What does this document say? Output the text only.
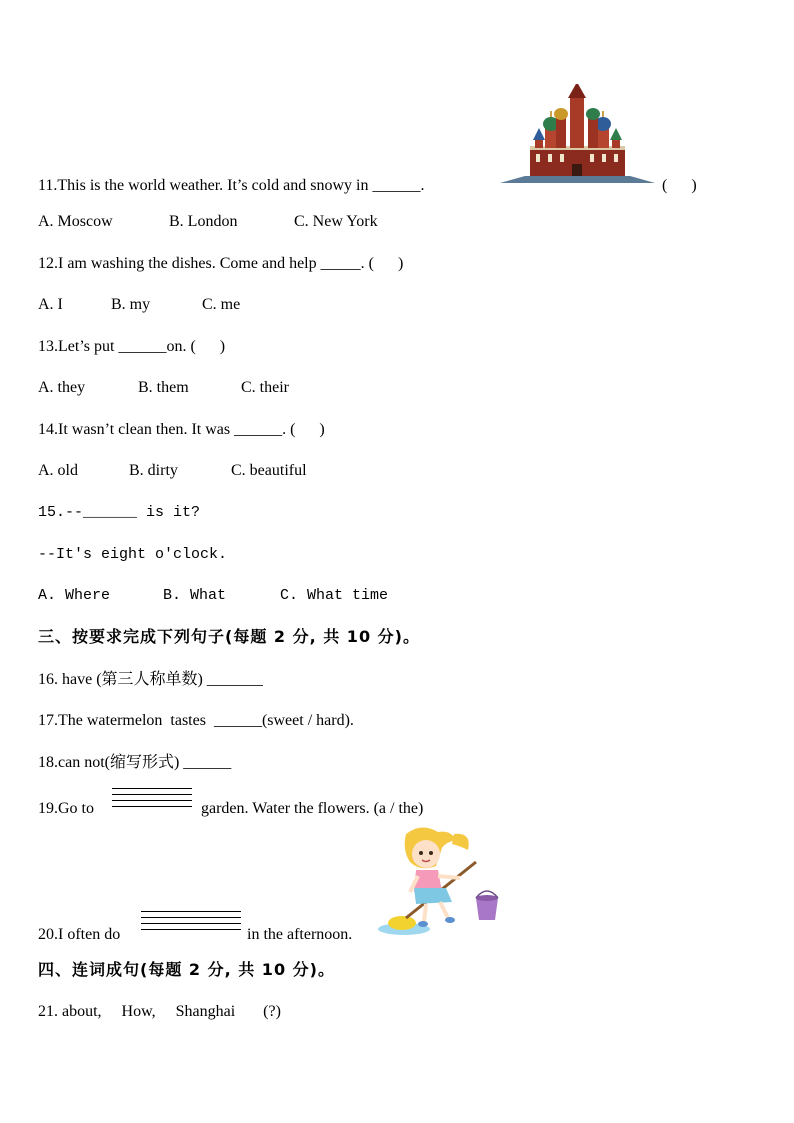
11.This is the world weather. It’s cold and snowy in ______.	(      )
A. Moscow	B. London	C. New York
12.I am washing the dishes. Come and help _____. (      )
A. I	B. my	C. me
13.Let’s put ______on. (      )
A. they	B. them	C. their
14.It wasn’t clean then. It was ______. (      )
A. old	B. dirty	C. beautiful
15.--______ is it?
--It's eight o'clock.
A. Where	B. What	C. What time
三、按要求完成下列句子(每题 2 分, 共 10 分)。
16. have (第三人称单数) _______
17.The watermelon  tastes  ______(sweet / hard).
18.can not(缩写形式) ______
19.Go to	garden. Water the flowers. (a / the)
20.I often do	in the afternoon.
四、连词成句(每题 2 分, 共 10 分)。
21. about,     How,     Shanghai       (?)
